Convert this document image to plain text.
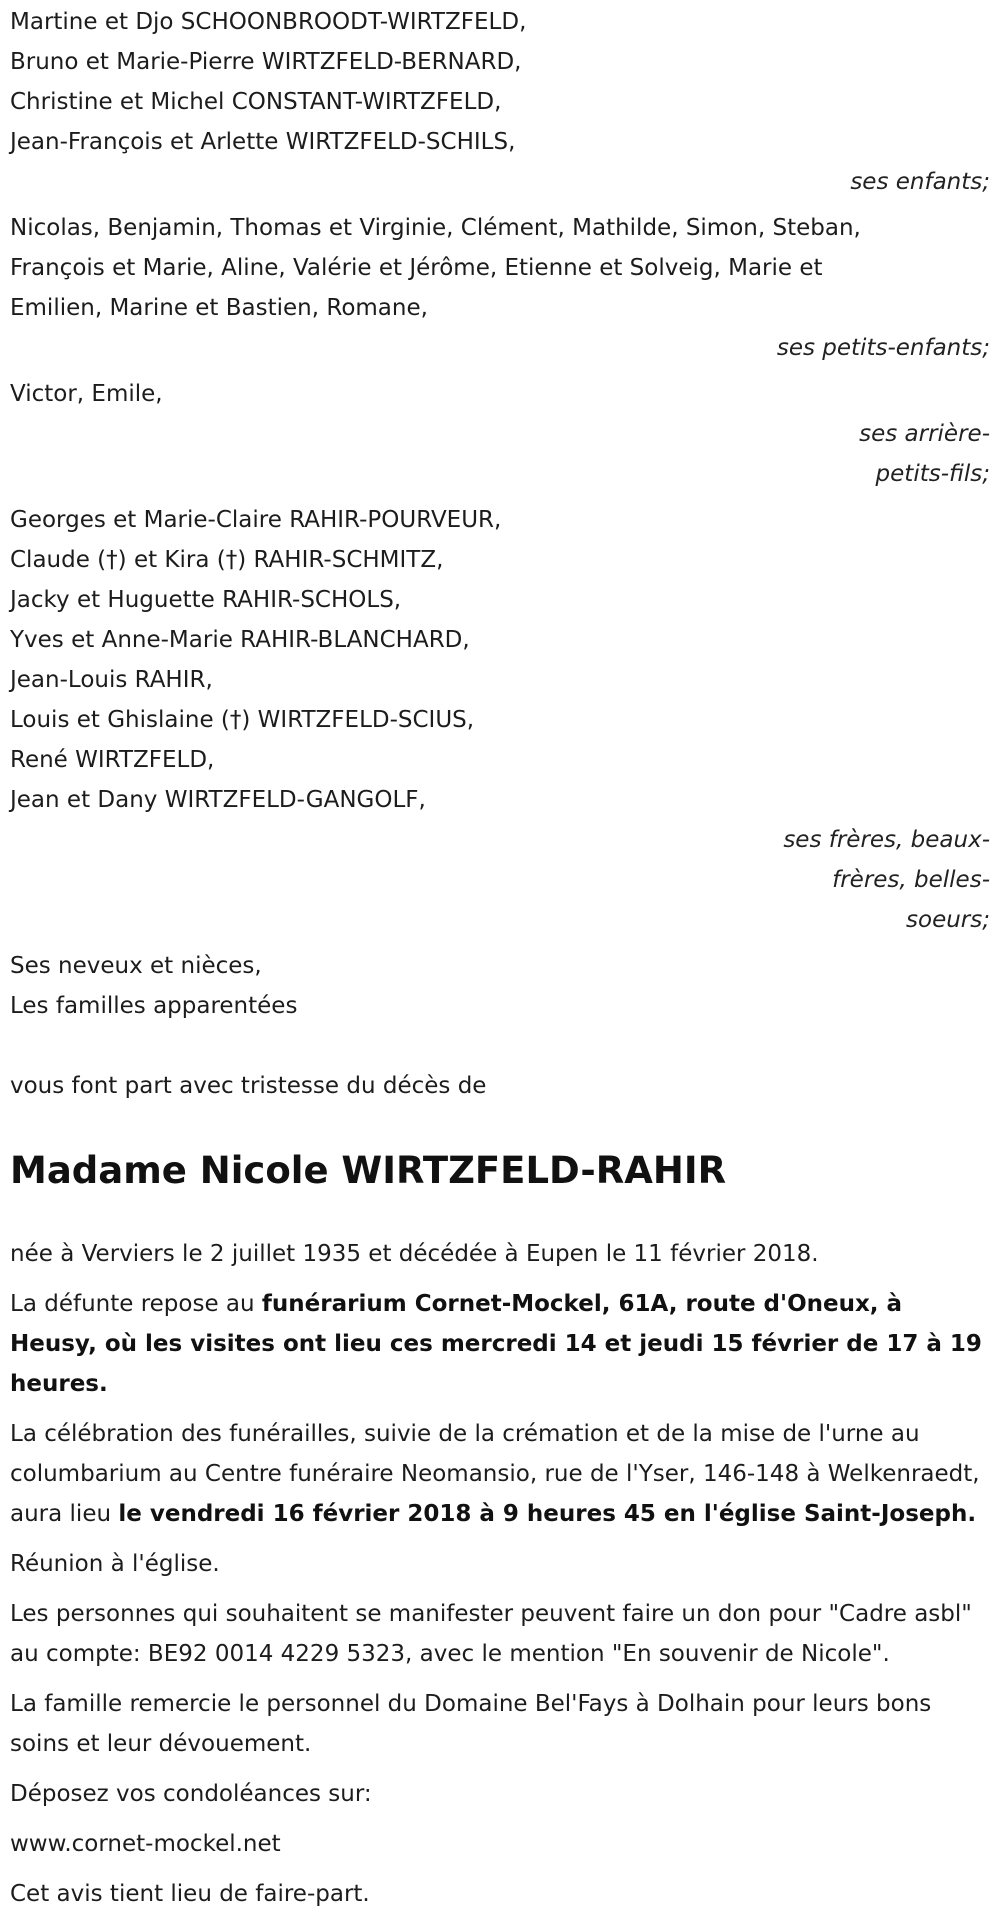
Martine et Djo SCHOONBROODT-WIRTZFELD,
Bruno et Marie-Pierre WIRTZFELD-BERNARD,
Christine et Michel CONSTANT-WIRTZFELD,
Jean-François et Arlette WIRTZFELD-SCHILS,
ses enfants;
Nicolas, Benjamin, Thomas et Virginie, Clément, Mathilde, Simon, Steban,
François et Marie, Aline, Valérie et Jérôme, Etienne et Solveig, Marie et
Emilien, Marine et Bastien, Romane,
ses petits-enfants;
Victor, Emile,
ses arrière-
petits-fils;
Georges et Marie-Claire RAHIR-POURVEUR,
Claude (†) et Kira (†) RAHIR-SCHMITZ,
Jacky et Huguette RAHIR-SCHOLS,
Yves et Anne-Marie RAHIR-BLANCHARD,
Jean-Louis RAHIR,
Louis et Ghislaine (†) WIRTZFELD-SCIUS,
René WIRTZFELD,
Jean et Dany WIRTZFELD-GANGOLF,
ses frères, beaux-
frères, belles-
soeurs;
Ses neveux et nièces,
Les familles apparentées
vous font part avec tristesse du décès de
Madame Nicole WIRTZFELD-RAHIR

née à Verviers le 2 juillet 1935 et décédée à Eupen le 11 février 2018.

La défunte repose au funérarium Cornet-Mockel, 61A, route d'Oneux, à Heusy, où les visites ont lieu ces mercredi 14 et jeudi 15 février de 17 à 19 heures.

La célébration des funérailles, suivie de la crémation et de la mise de l'urne au columbarium au Centre funéraire Neomansio, rue de l'Yser, 146-148 à Welkenraedt, aura lieu le vendredi 16 février 2018 à 9 heures 45 en l'église Saint-Joseph.

Réunion à l'église.

Les personnes qui souhaitent se manifester peuvent faire un don pour "Cadre asbl" au compte: BE92 0014 4229 5323, avec le mention "En souvenir de Nicole".

La famille remercie le personnel du Domaine Bel'Fays à Dolhain pour leurs bons soins et leur dévouement.

Déposez vos condoléances sur:

www.cornet-mockel.net

Cet avis tient lieu de faire-part.
